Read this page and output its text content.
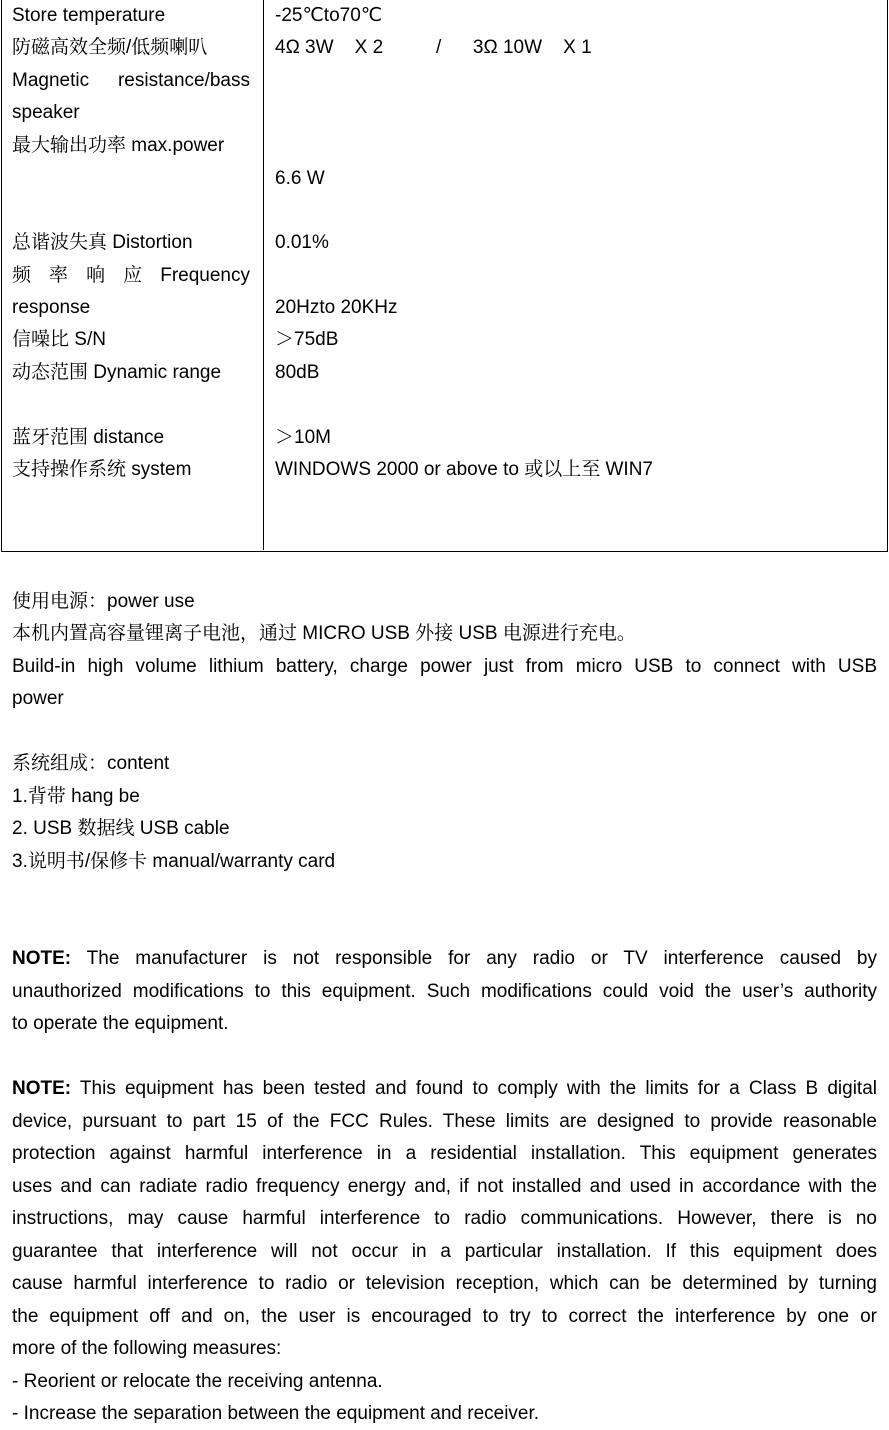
Store temperature
防磁高效全频/低频喇叭
Magnetic resistance/bass
speaker
最大输出功率 max.power
总谐波失真 Distortion
频 率 响 应 Frequency
response
信噪比 S/N
动态范围 Dynamic range
蓝牙范围 distance
支持操作系统 system
-25℃to70℃
4Ω 3W    X 2          /      3Ω 10W    X 1
6.6 W
0.01%
20Hzto 20KHz
＞75dB
80dB
＞10M
WINDOWS 2000 or above to 或以上至 WIN7
使用电源：power use
本机内置高容量锂离子电池，通过 MICRO USB 外接 USB 电源进行充电。
Build-in high volume lithium battery, charge power just from micro USB to connect with USB
power
系统组成：content
1.背带 hang be
2. USB 数据线 USB cable
3.说明书/保修卡 manual/warranty card
NOTE: The manufacturer is not responsible for any radio or TV interference caused by
unauthorized modifications to this equipment. Such modifications could void the user’s authority
to operate the equipment.
NOTE: This equipment has been tested and found to comply with the limits for a Class B digital
device, pursuant to part 15 of the FCC Rules. These limits are designed to provide reasonable
protection against harmful interference in a residential installation. This equipment generates
uses and can radiate radio frequency energy and, if not installed and used in accordance with the
instructions, may cause harmful interference to radio communications. However, there is no
guarantee that interference will not occur in a particular installation. If this equipment does
cause harmful interference to radio or television reception, which can be determined by turning
the equipment off and on, the user is encouraged to try to correct the interference by one or
more of the following measures:
- Reorient or relocate the receiving antenna.
- Increase the separation between the equipment and receiver.
